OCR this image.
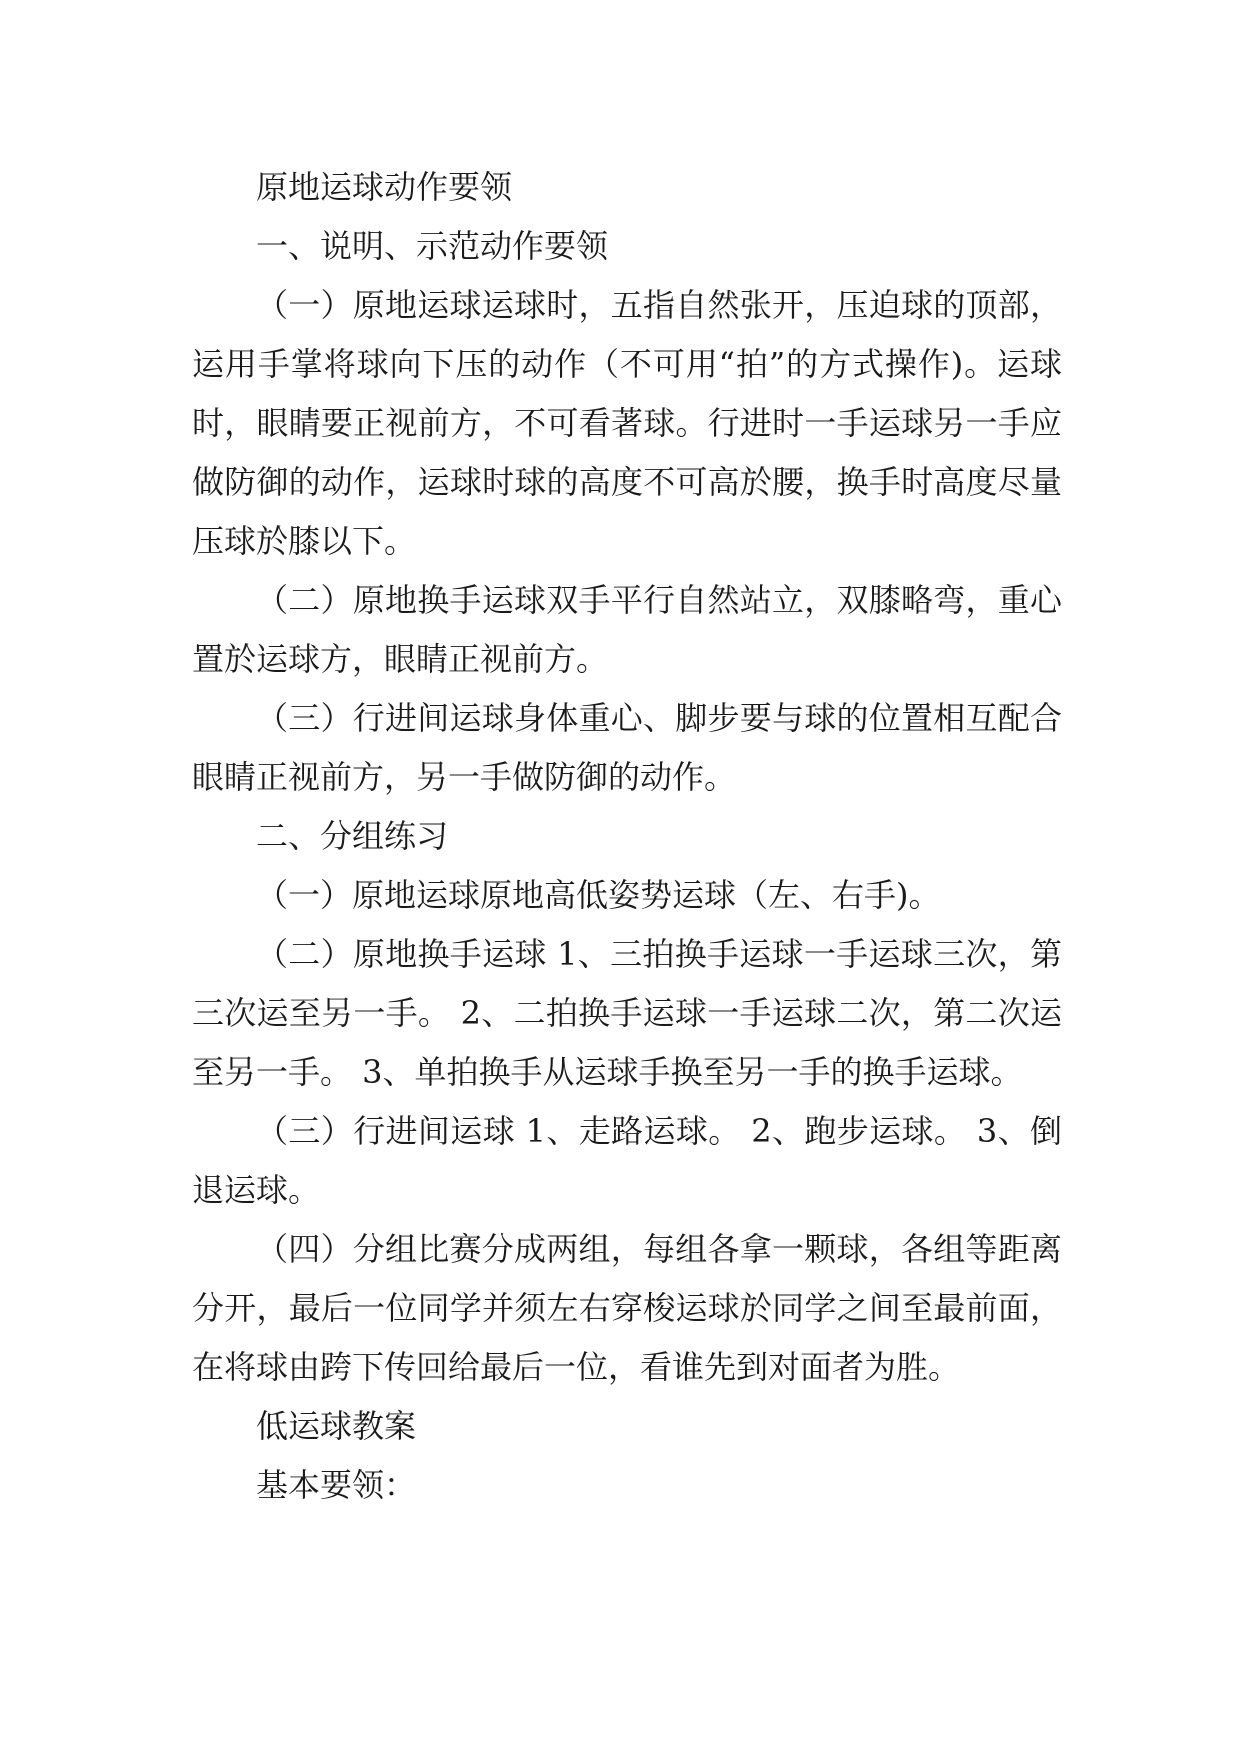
原地运球动作要领

一、说明、示范动作要领

（一）原地运球运球时，五指自然张开，压迫球的顶部，运用手掌将球向下压的动作（不可用“拍”的方式操作)。运球时，眼睛要正视前方，不可看著球。行进时一手运球另一手应做防御的动作，运球时球的高度不可高於腰，换手时高度尽量压球於膝以下。

（二）原地换手运球双手平行自然站立，双膝略弯，重心置於运球方，眼睛正视前方。

（三）行进间运球身体重心、脚步要与球的位置相互配合眼睛正视前方，另一手做防御的动作。

二、分组练习

（一）原地运球原地高低姿势运球（左、右手)。

（二）原地换手运球 1、三拍换手运球一手运球三次，第三次运至另一手。 2、二拍换手运球一手运球二次，第二次运至另一手。 3、单拍换手从运球手换至另一手的换手运球。

（三）行进间运球 1、走路运球。 2、跑步运球。 3、倒退运球。

（四）分组比赛分成两组，每组各拿一颗球，各组等距离分开，最后一位同学并须左右穿梭运球於同学之间至最前面，在将球由跨下传回给最后一位，看谁先到对面者为胜。

低运球教案

基本要领：
